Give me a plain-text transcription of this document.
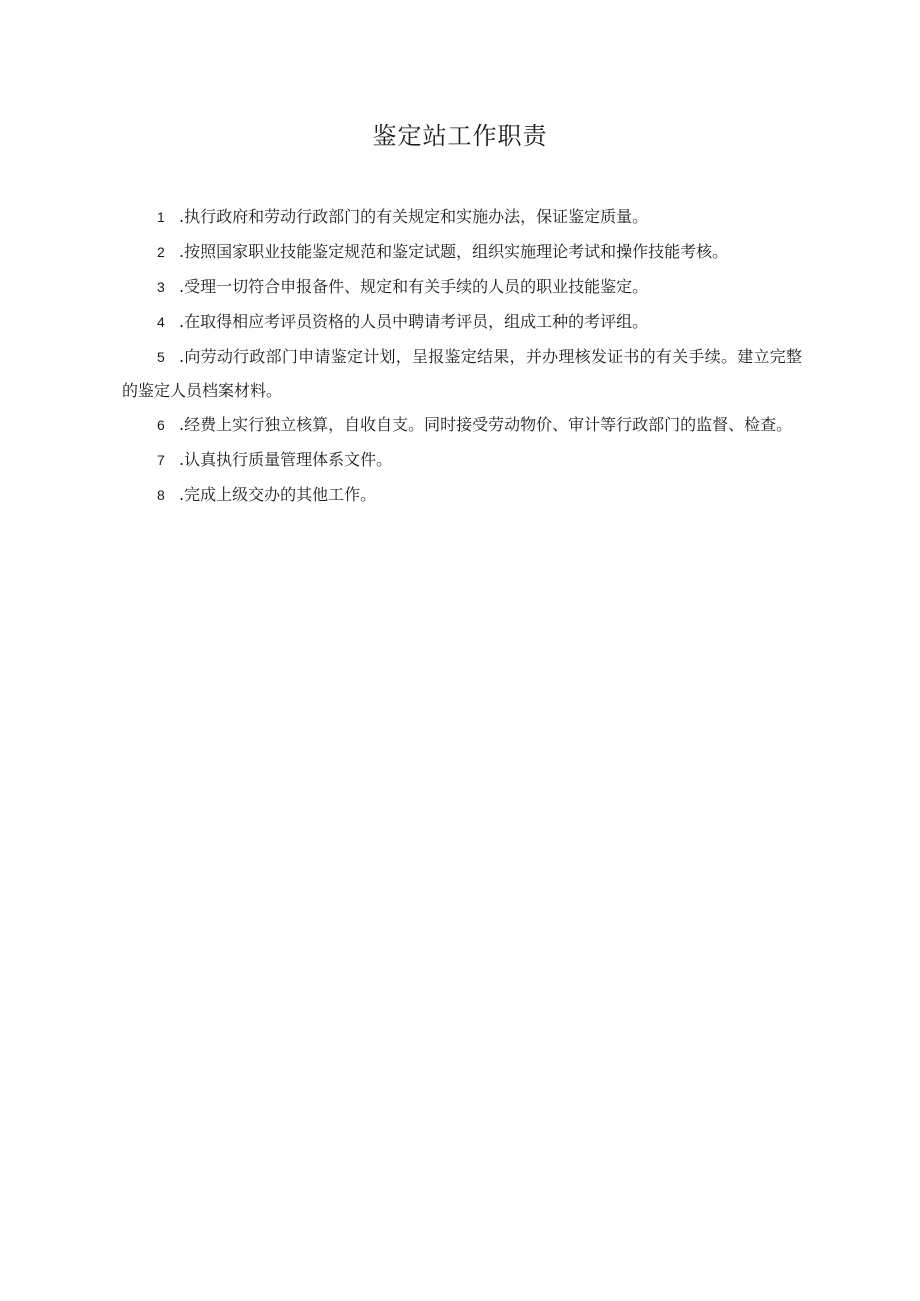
鉴定站工作职责
1 .执行政府和劳动行政部门的有关规定和实施办法，保证鉴定质量。
2 .按照国家职业技能鉴定规范和鉴定试题，组织实施理论考试和操作技能考核。
3 .受理一切符合申报备件、规定和有关手续的人员的职业技能鉴定。
4 .在取得相应考评员资格的人员中聘请考评员，组成工种的考评组。
5 .向劳动行政部门申请鉴定计划，呈报鉴定结果，并办理核发证书的有关手续。建立完整的鉴定人员档案材料。
6 .经费上实行独立核算，自收自支。同时接受劳动物价、审计等行政部门的监督、检查。
7 .认真执行质量管理体系文件。
8 .完成上级交办的其他工作。
